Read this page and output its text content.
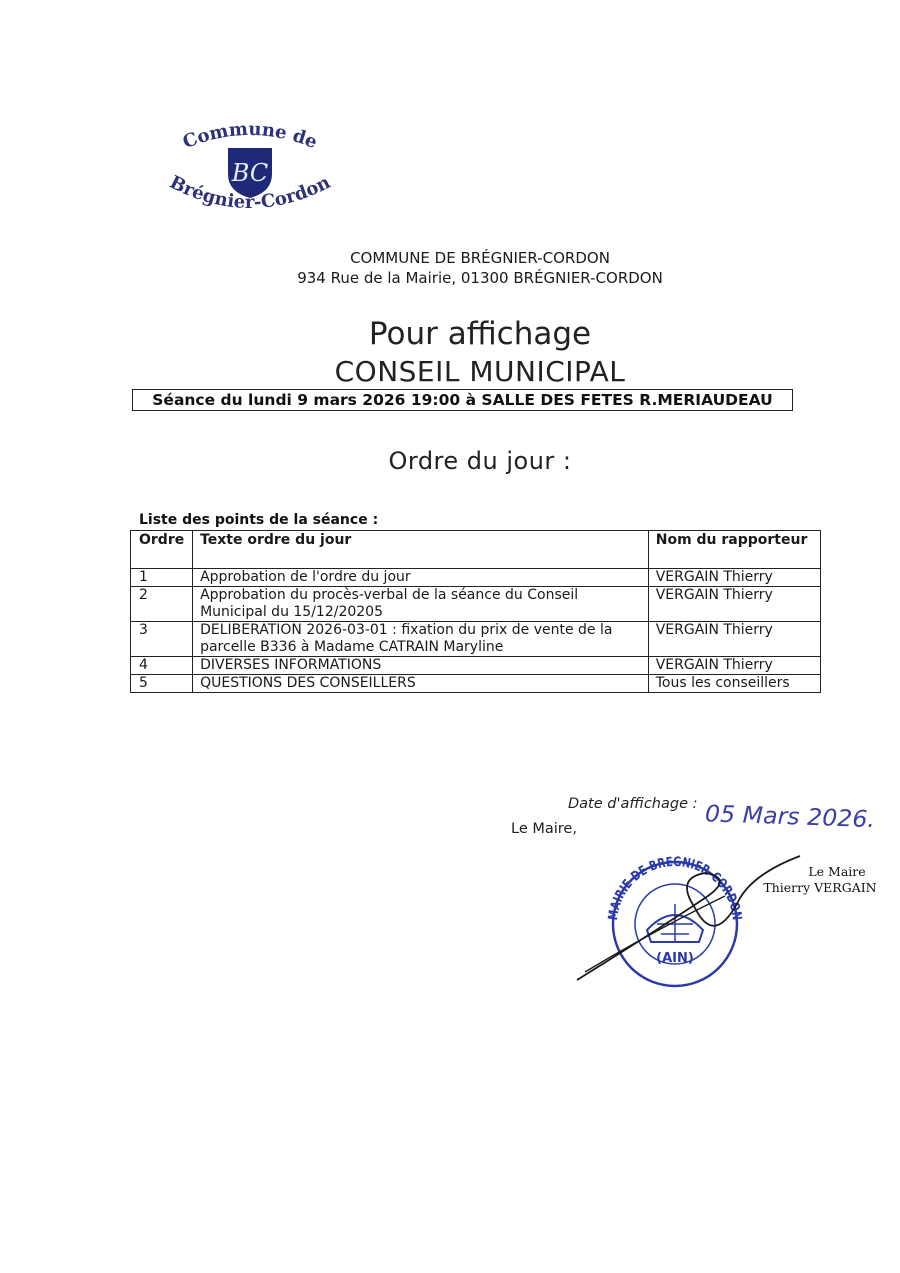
Commune de
BC
Brégnier-Cordon
COMMUNE DE BRÉGNIER-CORDON
934 Rue de la Mairie, 01300 BRÉGNIER-CORDON
Pour affichage
CONSEIL MUNICIPAL
Séance du lundi 9 mars 2026 19:00 à SALLE DES FETES R.MERIAUDEAU
Ordre du jour :
Liste des points de la séance :
Ordre	Texte ordre du jour	Nom du rapporteur
1	Approbation de l'ordre du jour	VERGAIN Thierry
2	Approbation du procès-verbal de la séance du Conseil Municipal du 15/12/20205	VERGAIN Thierry
3	DELIBERATION 2026-03-01 : fixation du prix de vente de la parcelle B336 à Madame CATRAIN Maryline	VERGAIN Thierry
4	DIVERSES INFORMATIONS	VERGAIN Thierry
5	QUESTIONS DES CONSEILLERS	Tous les conseillers
Date d'affichage : 05 Mars 2026.
Le Maire,
MAIRIE DE BREGNIER-CORDON
(AIN)
Le Maire
Thierry VERGAIN
